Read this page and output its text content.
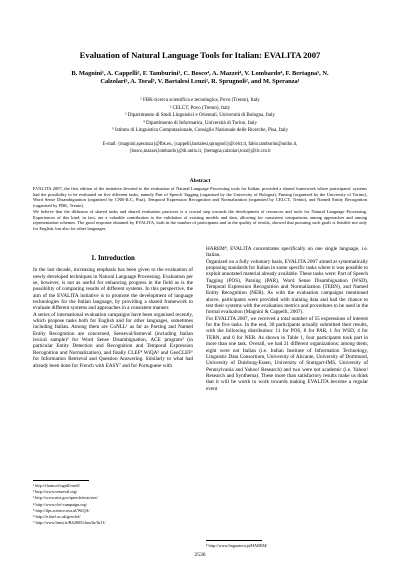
Evaluation of Natural Language Tools for Italian: EVALITA 2007
B. Magnini¹, A. Cappelli², F. Tamburini³, C. Bosco⁴, A. Mazzei⁴, V. Lombardo⁴, F. Bertagna⁵, N.
Calzolari⁵, A. Toral⁵, V. Bartalesi Lenzi², R. Sprugnoli², and M. Speranza¹
¹ FBK-ricerca scientifica e tecnologica, Povo (Trento), Italy
² CELCT, Povo (Trento), Italy
³ Dipartimento di Studi Linguistici e Orientali, Università di Bologna, Italy
⁴ Dipartimento di Informatica, Università di Torino, Italy
⁵ Istituto di Linguistica Computazionale, Consiglio Nazionale delle Ricerche, Pisa, Italy
E-mail: {magnini,speranza}@fbk.eu, {cappelli,bartalesi,sprugnoli}@celct.it, fabio.tamburini@unibo.it,
{bosco,mazzei,lombardo}@di.unito.it, {bertagna,calzolari,toral}@ilc.cnr.it
Abstract

EVALITA 2007, the first edition of the initiative devoted to the evaluation of Natural Language Processing tools for Italian, provided a shared framework where participants' systems had the possibility to be evaluated on five different tasks, namely Part of Speech Tagging (organised by the University of Bologna), Parsing (organised by the University of Torino), Word Sense Disambiguation (organised by CNR-ILC, Pisa), Temporal Expression Recognition and Normalization (organised by CELCT, Trento), and Named Entity Recognition (organised by FBK, Trento).

We believe that the diffusion of shared tasks and shared evaluation practices is a crucial step towards the development of resources and tools for Natural Language Processing. Experiences of this kind, in fact, are a valuable contribution to the validation of existing models and data, allowing for consistent comparisons among approaches and among representation schemes. The good response obtained by EVALITA, both in the number of participants and in the quality of results, showed that pursuing such goals is feasible not only for English, but also for other languages.

1. Introduction

In the last decade, increasing emphasis has been given to the evaluation of newly developed techniques in Natural Language Processing. Evaluation per se, however, is not as useful for enhancing progress in the field as is the possibility of comparing results of different systems. In this perspective, the aim of the EVALITA initiative is to promote the development of language technologies for the Italian language, by providing a shared framework to evaluate different systems and approaches in a consistent manner.

A series of international evaluation campaigns have been organised recently, which propose tasks both for English and for other languages, sometimes including Italian. Among them are CoNLL¹ as far as Parsing and Named Entity Recognition are concerned, Senseval/Semeval (including Italian lexical sample)² for Word Sense Disambiguation, ACE program³ (in particular Entity Detection and Recognition and Temporal Expression Recognition and Normalization), and finally CLEF⁴ WiQA⁵ and GeoCLEF⁶ for Information Retrieval and Question Answering. Similarly to what had already been done for French with EASY⁷ and for Portuguese with

HAREM⁸, EVALITA concentrates specifically on one single language, i.e. Italian.

Organized on a fully voluntary basis, EVALITA 2007 aimed at systematically proposing standards for Italian in some specific tasks where it was possible to exploit annotated material already available. These tasks were: Part of Speech Tagging (POS), Parsing (PAR), Word Sense Disambiguation (WSD), Temporal Expression Recognition and Normalization (TERN), and Named Entity Recognition (NER). As with the evaluation campaigns mentioned above, participants were provided with training data and had the chance to test their systems with the evaluation metrics and procedures to be used in the formal evaluation (Magnini & Cappelli, 2007).

For EVALITA 2007, we received a total number of 55 expressions of interest for the five tasks. In the end, 30 participants actually submitted their results, with the following distribution: 11 for POS, 8 for PAR, 1 for WSD, 4 for TERN, and 6 for NER. As shown in Table 1, four participants took part in more than one task. Overall, we had 21 different organizations; among them, eight were not Italian (i.e. Indian Institute of Information Technology, Linguistic Data Consortium, University of Alicante, University of Dortmund, University of Duisburg-Essen, University of Stuttgart-IMS, University of Pennsylvania and Yahoo! Research) and two were not academic (i.e. Yahoo! Research and Synthema). These more than satisfactory results make us think that it will be worth to work towards making EVALITA become a regular event

¹ http://ifarm.nl/signll/conll/
² http://www.senseval.org/
³ http://www.nist.gov/speech/tests/ace/
⁴ http://www.clef-campaign.org/
⁵ http://ilps.science.uva.nl/WiQA/
⁶ http://ir.shef.ac.uk/geoclef/
⁷ http://www.limsi.fr/RS2005/chm/lir/lir11/
⁸ http://www.linguateca.pt/HAREM/
2536
